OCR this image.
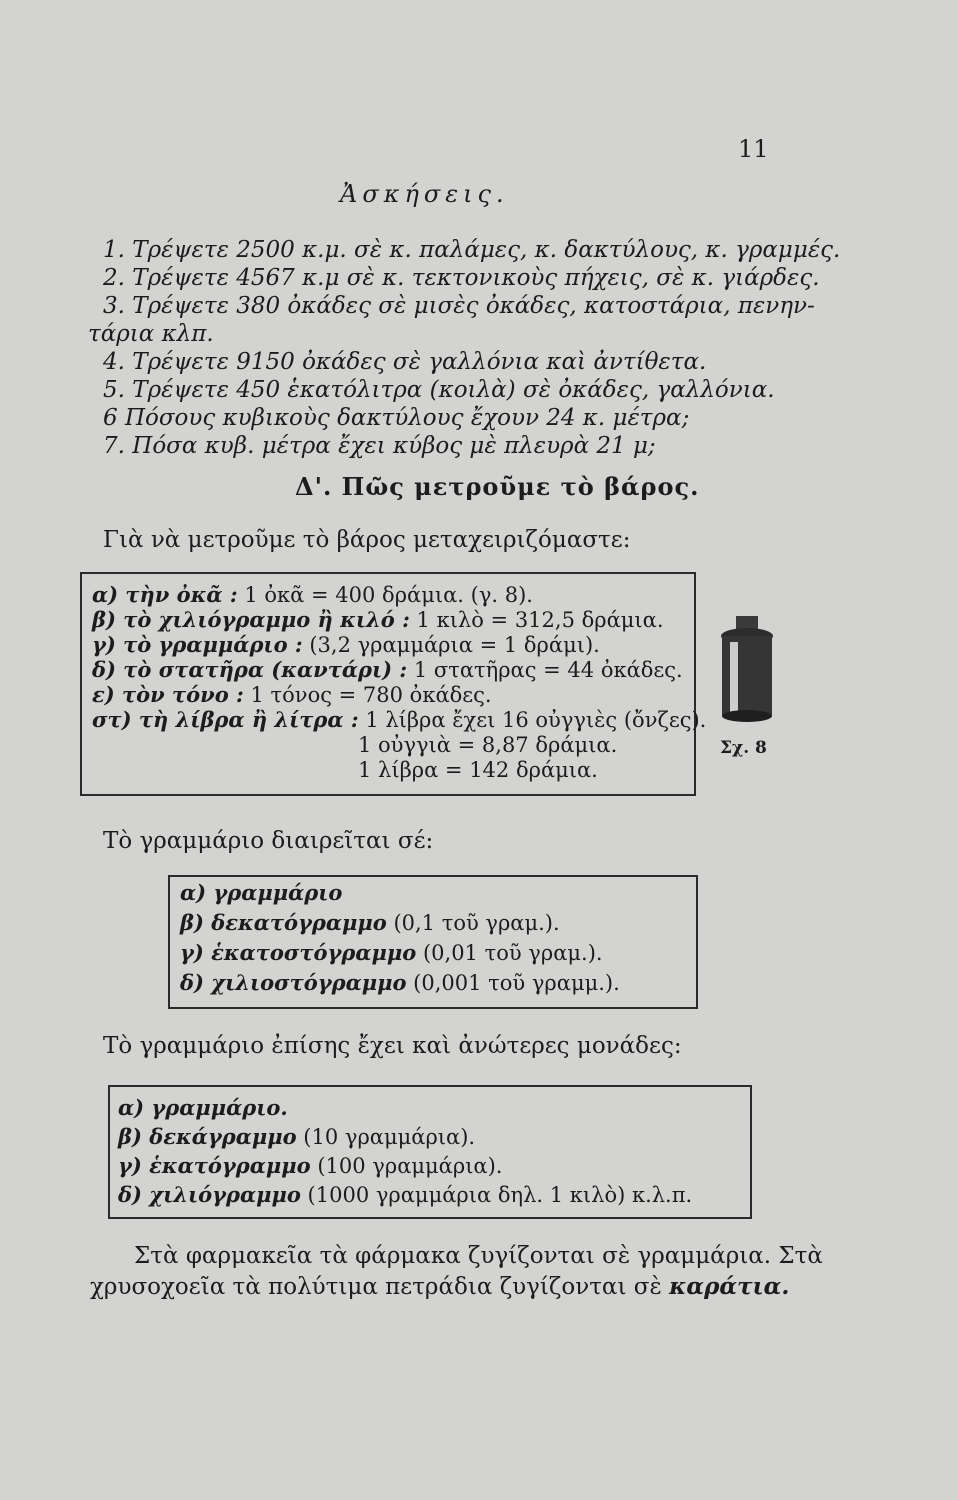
11
Ἀσκήσεις.
1. Τρέψετε 2500 κ.μ. σὲ κ. παλάμες, κ. δακτύλους, κ. γραμμές.
2. Τρέψετε 4567 κ.μ σὲ κ. τεκτονικοὺς πήχεις, σὲ κ. γιάρδες.
3. Τρέψετε 380 ὀκάδες σὲ μισὲς ὀκάδες, κατοστάρια, πενην-
τάρια κλπ.
4. Τρέψετε 9150 ὀκάδες σὲ γαλλόνια καὶ ἀντίθετα.
5. Τρέψετε 450 ἑκατόλιτρα (κοιλὰ) σὲ ὀκάδες, γαλλόνια.
6 Πόσους κυβικοὺς δακτύλους ἔχουν 24 κ. μέτρα;
7. Πόσα κυβ. μέτρα ἔχει κύβος μὲ πλευρὰ 21 μ;
Δ'. Πῶς μετροῦμε τὸ βάρος.
Γιὰ νὰ μετροῦμε τὸ βάρος μεταχειριζόμαστε:
α) τὴν ὀκᾶ : 1 ὀκᾶ = 400 δράμια. (γ. 8).
β) τὸ χιλιόγραμμο ἢ κιλό : 1 κιλὸ = 312,5 δράμια.
γ) τὸ γραμμάριο : (3,2 γραμμάρια = 1 δράμι).
δ) τὸ στατῆρα (καντάρι) : 1 στατῆρας = 44 ὀκάδες.
ε) τὸν τόνο : 1 τόνος = 780 ὀκάδες.
στ) τὴ λίβρα ἢ λίτρα : 1 λίβρα ἔχει 16 οὐγγιὲς (ὄνζες).
1 οὐγγιὰ = 8,87 δράμια.
1 λίβρα = 142 δράμια.
Σχ. 8
Τὸ γραμμάριο διαιρεῖται σέ:
α) γραμμάριο
β) δεκατόγραμμο (0,1 τοῦ γραμ.).
γ) ἑκατοστόγραμμο (0,01 τοῦ γραμ.).
δ) χιλιοστόγραμμο (0,001 τοῦ γραμμ.).
Τὸ γραμμάριο ἐπίσης ἔχει καὶ ἀνώτερες μονάδες:
α) γραμμάριο.
β) δεκάγραμμο (10 γραμμάρια).
γ) ἑκατόγραμμο (100 γραμμάρια).
δ) χιλιόγραμμο (1000 γραμμάρια δηλ. 1 κιλὸ) κ.λ.π.
Στὰ φαρμακεῖα τὰ φάρμακα ζυγίζονται σὲ γραμμάρια. Στὰ
χρυσοχοεῖα τὰ πολύτιμα πετράδια ζυγίζονται σὲ καράτια.
